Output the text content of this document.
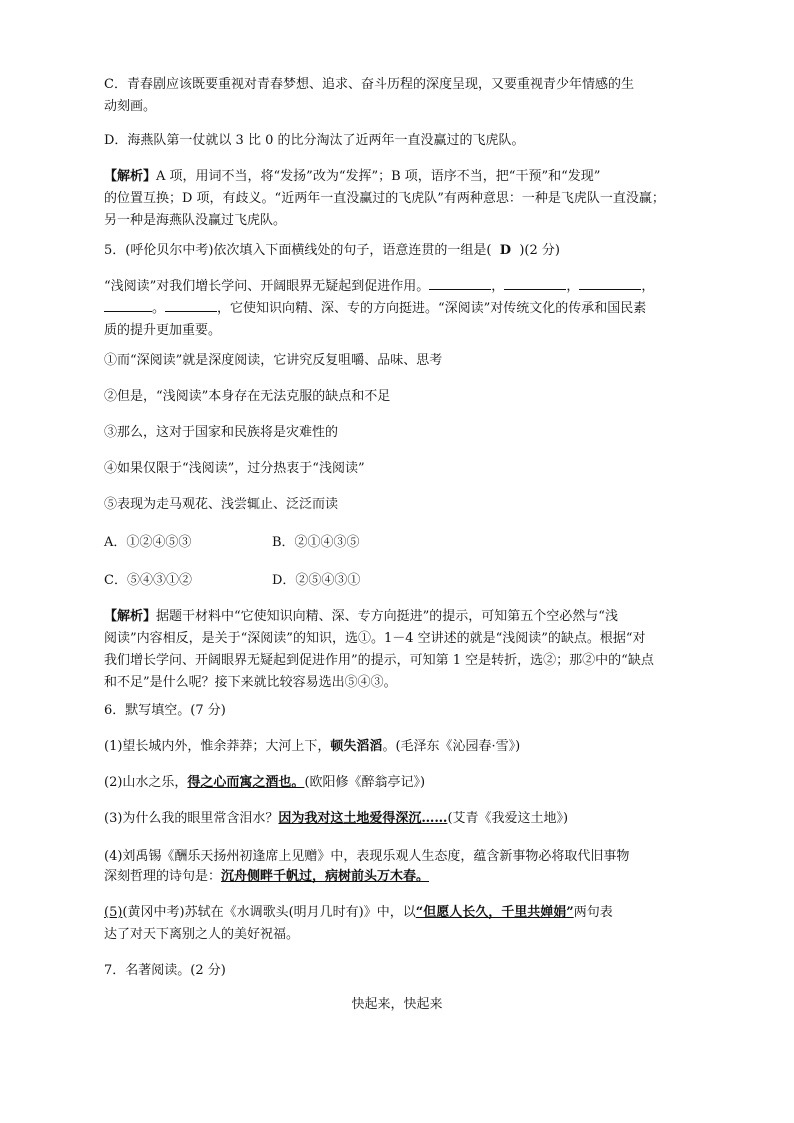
C．青春剧应该既要重视对青春梦想、追求、奋斗历程的深度呈现，又要重视青少年情感的生

动刻画。

D．海燕队第一仗就以 3 比 0 的比分淘汰了近两年一直没赢过的飞虎队。

【解析】A 项，用词不当，将“发扬”改为“发挥”；B 项，语序不当，把“干预”和“发现”

的位置互换；D 项，有歧义。“近两年一直没赢过的飞虎队”有两种意思：一种是飞虎队一直没赢；

另一种是海燕队没赢过飞虎队。

5．(呼伦贝尔中考)依次填入下面横线处的句子，语意连贯的一组是( D )(2 分)

“浅阅读”对我们增长学问、开阔眼界无疑起到促进作用。	，	，	，

。	，它使知识向精、深、专的方向挺进。“深阅读”对传统文化的传承和国民素

质的提升更加重要。

①而“深阅读”就是深度阅读，它讲究反复咀嚼、品味、思考

②但是，“浅阅读”本身存在无法克服的缺点和不足

③那么，这对于国家和民族将是灾难性的

④如果仅限于“浅阅读”，过分热衷于“浅阅读”

⑤表现为走马观花、浅尝辄止、泛泛而读

A．①②④⑤③	B．②①④③⑤

C．⑤④③①②	D．②⑤④③①

【解析】据题干材料中“它使知识向精、深、专方向挺进”的提示，可知第五个空必然与“浅

阅读”内容相反，是关于“深阅读”的知识，选①。1－4 空讲述的就是“浅阅读”的缺点。根据“对

我们增长学问、开阔眼界无疑起到促进作用”的提示，可知第 1 空是转折，选②；那②中的“缺点

和不足”是什么呢？接下来就比较容易选出⑤④③。

6．默写填空。(7 分)

(1)望长城内外，惟余莽莽；大河上下，顿失滔滔。(毛泽东《沁园春·雪》)

(2)山水之乐，得之心而寓之酒也。(欧阳修《醉翁亭记》)

(3)为什么我的眼里常含泪水？因为我对这土地爱得深沉……(艾青《我爱这土地》)

(4)刘禹锡《酬乐天扬州初逢席上见赠》中，表现乐观人生态度，蕴含新事物必将取代旧事物

深刻哲理的诗句是：沉舟侧畔千帆过，病树前头万木春。

(5)(黄冈中考)苏轼在《水调歌头(明月几时有)》中，以“但愿人长久，千里共婵娟”两句表

达了对天下离别之人的美好祝福。

7．名著阅读。(2 分)

快起来，快起来
